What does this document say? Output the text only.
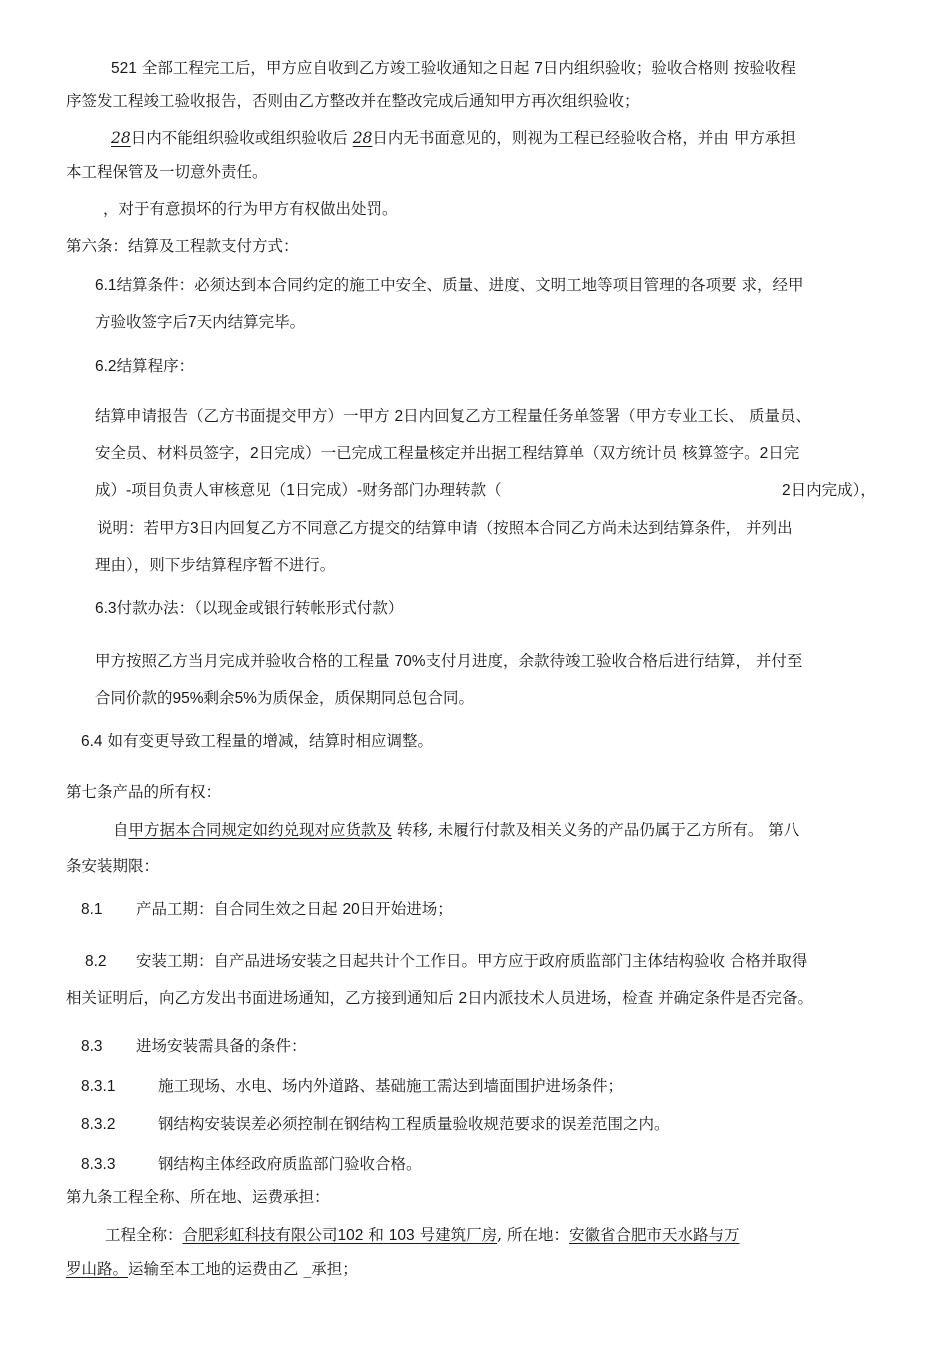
521 全部工程完工后，甲方应自收到乙方竣工验收通知之日起 7日内组织验收；验收合格则 按验收程
序签发工程竣工验收报告，否则由乙方整改并在整改完成后通知甲方再次组织验收；
28日内不能组织验收或组织验收后 28日内无书面意见的，则视为工程已经验收合格，并由 甲方承担
本工程保管及一切意外责任。
，对于有意损坏的行为甲方有权做出处罚。
第六条：结算及工程款支付方式：
6.1结算条件：必须达到本合同约定的施工中安全、质量、进度、文明工地等项目管理的各项要 求，经甲
方验收签字后7天内结算完毕。
6.2结算程序：
结算申请报告（乙方书面提交甲方）一甲方 2日内回复乙方工程量任务单签署（甲方专业工长、 质量员、
安全员、材料员签字，2日完成）一已完成工程量核定并出据工程结算单（双方统计员 核算签字。2日完
成）-项目负责人审核意见（1日完成）-财务部门办理转款（	2日内完成），
说明：若甲方3日内回复乙方不同意乙方提交的结算申请（按照本合同乙方尚未达到结算条件， 并列出
理由），则下步结算程序暂不进行。
6.3付款办法：（以现金或银行转帐形式付款）
甲方按照乙方当月完成并验收合格的工程量 70%支付月进度，余款待竣工验收合格后进行结算， 并付至
合同价款的95%剩余5%为质保金，质保期同总包合同。
6.4 如有变更导致工程量的增减，结算时相应调整。
第七条产品的所有权：
自甲方据本合同规定如约兑现对应货款及 转移, 未履行付款及相关义务的产品仍属于乙方所有。 第八
条安装期限：
8.1 产品工期：自合同生效之日起 20日开始进场；
8.2 安装工期：自产品进场安装之日起共计个工作日。甲方应于政府质监部门主体结构验收 合格并取得
相关证明后，向乙方发出书面进场通知，乙方接到通知后 2日内派技术人员进场，检查 并确定条件是否完备。
8.3 进场安装需具备的条件：
8.3.1	施工现场、水电、场内外道路、基础施工需达到墙面围护进场条件；
8.3.2	钢结构安装误差必须控制在钢结构工程质量验收规范要求的误差范围之内。
8.3.3	钢结构主体经政府质监部门验收合格。
第九条工程全称、所在地、运费承担：
工程全称：合肥彩虹科技有限公司102 和 103 号建筑厂房, 所在地：安徽省合肥市天水路与万
罗山路。运输至本工地的运费由乙 _承担；
